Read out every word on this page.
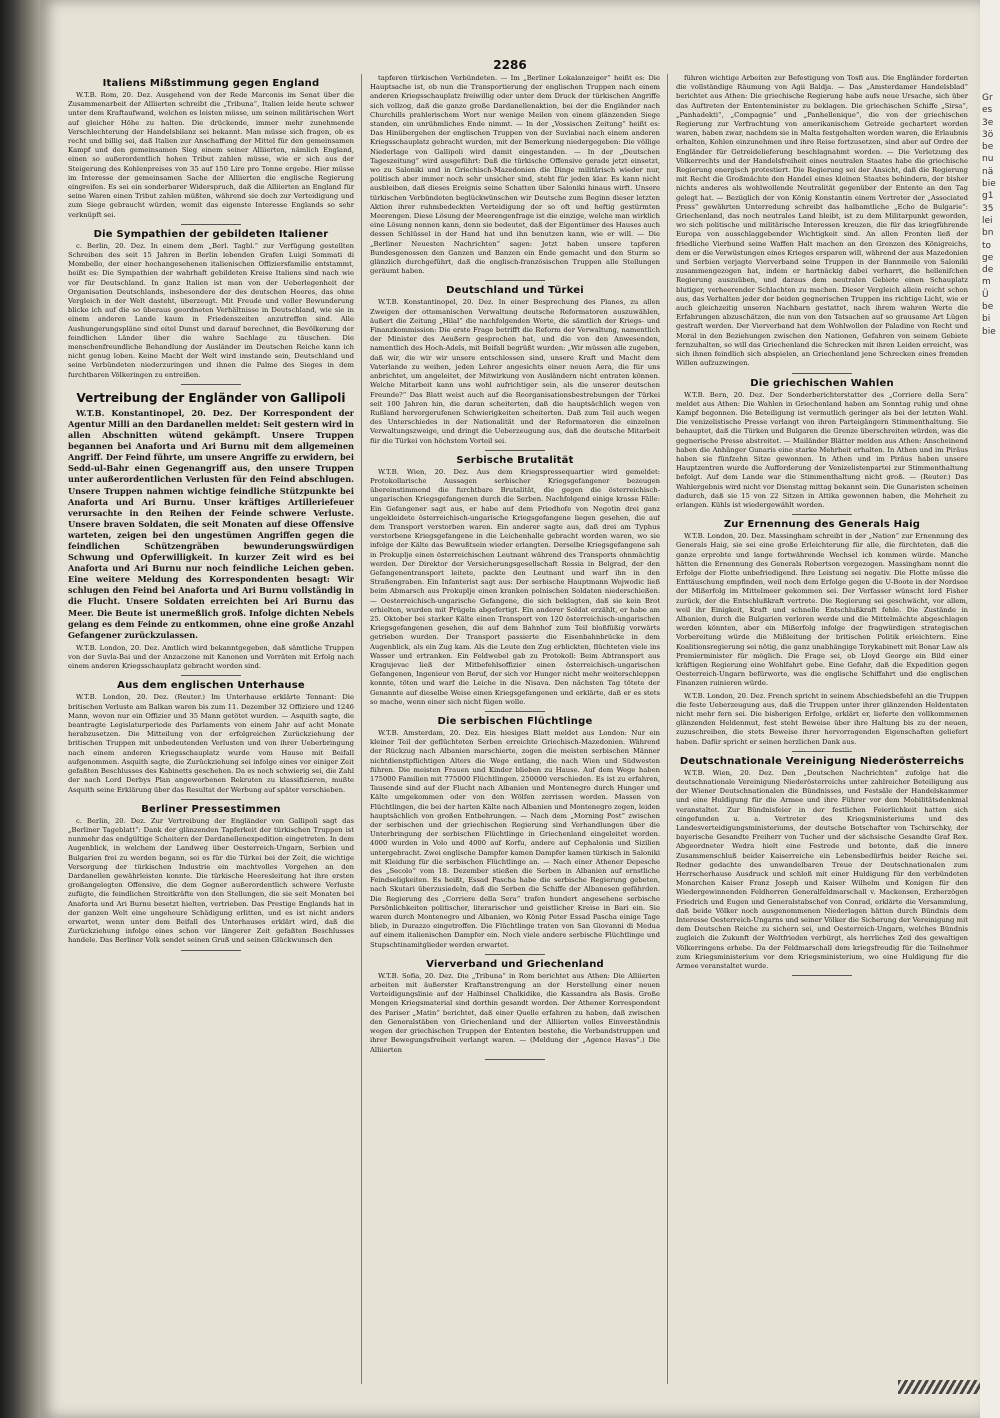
2286
Italiens Mißstimmung gegen England

W.T.B. Rom, 20. Dez. Ausgehend von der Rede Marconis im Senat über die Zusammenarbeit der Alliierten schreibt die „Tribuna“, Italien leide heute schwer unter dem Kraftaufwand, welchen es leisten müsse, um seinen militärischen Wert auf gleicher Höhe zu halten. Die drückende, immer mehr zunehmende Verschlechterung der Handelsbilanz sei bekannt. Man müsse sich fragen, ob es recht und billig sei, daß Italien zur Anschaffung der Mittel für den gemeinsamen Kampf und den gemeinsamen Sieg einem seiner Alliierten, nämlich England, einen so außerordentlich hohen Tribut zahlen müsse, wie er sich aus der Steigerung des Kohlenpreises von 35 auf 150 Lire pro Tonne ergebe. Hier müsse im Interesse der gemeinsamen Sache der Alliierten die englische Regierung eingreifen. Es sei ein sonderbarer Widerspruch, daß die Alliierten an England für seine Waren einen Tribut zahlen müßten, während sie doch zur Verteidigung und zum Siege gebraucht würden, womit das eigenste Interesse Englands so sehr verknüpft sei.

Die Sympathien der gebildeten Italiener

c. Berlin, 20. Dez. In einem dem „Berl. Tagbl.“ zur Verfügung gestellten Schreiben des seit 15 Jahren in Berlin lebenden Grafen Luigi Sommati di Mombello, der einer hochangesehenen italienischen Offiziersfamilie entstammt, heißt es: Die Sympathien der wahrhaft gebildeten Kreise Italiens sind nach wie vor für Deutschland. In ganz Italien ist man von der Ueberlegenheit der Organisation Deutschlands, insbesondere der des deutschen Heeres, das ohne Vergleich in der Welt dasteht, überzeugt. Mit Freude und voller Bewunderung blicke ich auf die so überaus geordneten Verhältnisse in Deutschland, wie sie in einem anderen Lande kaum in Friedenszeiten anzutreffen sind. Alle Aushungerungspläne sind eitel Dunst und darauf berechnet, die Bevölkerung der feindlichen Länder über die wahre Sachlage zu täuschen. Die menschenfreundliche Behandlung der Ausländer im Deutschen Reiche kann ich nicht genug loben. Keine Macht der Welt wird imstande sein, Deutschland und seine Verbündeten niederzuringen und ihnen die Palme des Sieges in dem furchtbaren Völkeringen zu entreißen.

Vertreibung der Engländer von Gallipoli

W.T.B. Konstantinopel, 20. Dez. Der Korrespondent der Agentur Milli an den Dardanellen meldet: Seit gestern wird in allen Abschnitten wütend gekämpft. Unsere Truppen begannen bei Anaforta und Ari Burnu mit dem allgemeinen Angriff. Der Feind führte, um unsere Angriffe zu erwidern, bei Sedd-ul-Bahr einen Gegenangriff aus, den unsere Truppen unter außerordentlichen Verlusten für den Feind abschlugen. Unsere Truppen nahmen wichtige feindliche Stützpunkte bei Anaforta und Ari Burnu. Unser kräftiges Artilleriefeuer verursachte in den Reihen der Feinde schwere Verluste. Unsere braven Soldaten, die seit Monaten auf diese Offensive warteten, zeigen bei den ungestümen Angriffen gegen die feindlichen Schützengräben bewunderungswürdigen Schwung und Opferwilligkeit. In kurzer Zeit wird es bei Anaforta und Ari Burnu nur noch feindliche Leichen geben. Eine weitere Meldung des Korrespondenten besagt: Wir schlugen den Feind bei Anaforta und Ari Burnu vollständig in die Flucht. Unsere Soldaten erreichten bei Ari Burnu das Meer. Die Beute ist unermeßlich groß. Infolge dichten Nebels gelang es dem Feinde zu entkommen, ohne eine große Anzahl Gefangener zurückzulassen.

W.T.B. London, 20. Dez. Amtlich wird bekanntgegeben, daß sämtliche Truppen von der Suvla-Bai und der Anzaczone mit Kanonen und Vorräten mit Erfolg nach einem anderen Kriegsschauplatz gebracht worden sind.

Aus dem englischen Unterhause

W.T.B. London, 20. Dez. (Reuter.) Im Unterhause erklärte Tennant: Die britischen Verluste am Balkan waren bis zum 11. Dezember 32 Offiziere und 1246 Mann, wovon nur ein Offizier und 35 Mann getötet wurden. — Asquith sagte, die beantragte Legislaturperiode des Parlaments von einem Jahr auf acht Monate herabzusetzen. Die Mitteilung von der erfolgreichen Zurückziehung der britischen Truppen mit unbedeutenden Verlusten und von ihrer Ueberbringung nach einem anderen Kriegsschauplatz wurde vom Hause mit Beifall aufgenommen. Asquith sagte, die Zurückziehung sei infolge eines vor einiger Zeit gefaßten Beschlusses des Kabinetts geschehen. Da es noch schwierig sei, die Zahl der nach Lord Derbys Plan angeworbenen Rekruten zu klassifizieren, mußte Asquith seine Erklärung über das Resultat der Werbung auf später verschieben.

Berliner Pressestimmen

c. Berlin, 20. Dez. Zur Vertreibung der Engländer von Gallipoli sagt das „Berliner Tageblatt“: Dank der glänzenden Tapferkeit der türkischen Truppen ist nunmehr das endgültige Scheitern der Dardanellenexpedition eingetreten. In dem Augenblick, in welchem der Landweg über Oesterreich-Ungarn, Serbien und Bulgarien frei zu werden begann, sei es für die Türkei bei der Zeit, die wichtige Versorgung der türkischen Industrie ein machtvolles Vorgehen an den Dardanellen gewährleisten konnte. Die türkische Heeresleitung hat ihre ersten großangelegten Offensive, die dem Gegner außerordentlich schwere Verluste zufügte, die feindlichen Streitkräfte von den Stellungen, die sie seit Monaten bei Anaforta und Ari Burnu besetzt hielten, vertrieben. Das Prestige Englands hat in der ganzen Welt eine ungeheure Schädigung erlitten, und es ist nicht anders erwartet, wenn unter dem Beifall des Unterhauses erklärt wird, daß die Zurückziehung infolge eines schon vor längerer Zeit gefaßten Beschlusses handele. Das Berliner Volk sendet seinen Gruß und seinen Glückwunsch den

tapferen türkischen Verbündeten. — Im „Berliner Lokalanzeiger“ heißt es: Die Hauptsache ist, ob nun die Transportierung der englischen Truppen nach einem anderen Kriegsschauplatz freiwillig oder unter dem Druck der türkischen Angriffe sich vollzog, daß die ganze große Dardanellenaktion, bei der die Engländer nach Churchills prahlerischem Wort nur wenige Meilen von einem glänzenden Siege standen, ein unrühmliches Ende nimmt. — In der „Vossischen Zeitung“ heißt es: Das Hinübergehen der englischen Truppen von der Suvlabai nach einem anderen Kriegsschauplatz gebracht wurden, mit der Bemerkung niedergegeben: Die völlige Niederlage von Gallipoli wird damit eingestanden. — In der „Deutschen Tageszeitung“ wird ausgeführt: Daß die türkische Offensive gerade jetzt einsetzt, wo zu Saloniki und in Griechisch-Mazedonien die Dinge militärisch wieder nur, politisch aber immer noch sehr unsicher sind, steht für jeden klar. Es kann nicht ausbleiben, daß dieses Ereignis seine Schatten über Saloniki hinaus wirft. Unsere türkischen Verbündeten beglückwünschen wir Deutsche zum Beginn dieser letzten Aktion ihrer ruhmbedeckten Verteidigung der so oft und heftig gestürmten Meerengen. Diese Lösung der Meerengenfrage ist die einzige, welche man wirklich eine Lösung nennen kann, denn sie bedeutet, daß der Eigentümer des Hauses auch dessen Schlüssel in der Hand hat und ihn benutzen kann, wie er will. — Die „Berliner Neuesten Nachrichten“ sagen: Jetzt haben unsere tapferen Bundesgenossen den Ganzen und Banzen ein Ende gemacht und den Sturm so glänzlich durchgeführt, daß die englisch-französischen Truppen alle Stellungen geräumt haben.

Deutschland und Türkei

W.T.B. Konstantinopel, 20. Dez. In einer Besprechung des Planes, zu allen Zweigen der ottomanischen Verwaltung deutsche Reformatoren auszuwählen, äußert die Zeitung „Hilal“ die nachfolgenden Worte, die sämtlich der Kriegs- und Finanzkommission: Die erste Frage betrifft die Reform der Verwaltung, namentlich der Minister des Aeußern gesprochen hat, und die von den Anwesenden, namentlich des Hoch-Adels, mit Beifall begrüßt wurden: „Wir müssen alle zugeben, daß wir, die wir wir unsere entschlossen sind, unsere Kraft und Macht dem Vaterlande zu weihen, jeden Lehrer angesichts einer neuen Aera, die für uns anbrichtet, um angeleitet, der Mitwirkung von Ausländern nicht entraten können. Welche Mitarbeit kann uns wohl aufrichtiger sein, als die unserer deutschen Freunde?“ Das Blatt weist auch auf die Reorganisationsbestrebungen der Türkei seit 100 Jahren hin, die daran scheiterten, daß die hauptsächlich wegen von Rußland hervorgerufenen Schwierigkeiten scheiterten. Daß zum Teil auch wegen des Unterschiedes in der Nationalität und der Reformatoren die einzelnen Verwaltungszweige, und dringt die Ueberzeugung aus, daß die deutsche Mitarbeit für die Türkei von höchstem Vorteil sei.

Serbische Brutalität

W.T.B. Wien, 20. Dez. Aus dem Kriegspressequartier wird gemeldet: Protokollarische Aussagen serbischer Kriegsgefangener bezeugen übereinstimmend die furchtbare Brutalität, die gegen die österreichisch-ungarischen Kriegsgefangenen durch die Serben. Nachfolgend einige krasse Fälle: Ein Gefangener sagt aus, er habe auf dem Friedhofe von Negotin drei ganz ungekleidete österreichisch-ungarische Kriegsgefangene liegen gesehen, die auf dem Transport verstorben waren. Ein anderer sagte aus, daß drei am Typhus verstorbene Kriegsgefangene in die Leichenhalle gebracht worden waren, wo sie infolge der Kälte das Bewußtsein wieder erlangten. Derselbe Kriegsgefangene sah in Prokuplje einen österreichischen Leutnant während des Transports ohnmächtig werden. Der Direktor der Versicherungsgesellschaft Rossia in Belgrad, der den Gefangenentransport leitete, packte den Leutnant und warf ihn in den Straßengraben. Ein Infanterist sagt aus: Der serbische Hauptmann Wojwodic ließ beim Abmarsch aus Prokuplje einen kranken polnischen Soldaten niederschießen. — Oesterreichisch-ungarische Gefangene, die sich beklagten, daß sie kein Brot erhielten, wurden mit Prügeln abgefertigt. Ein anderer Soldat erzählt, er habe am 25. Oktober bei starker Kälte einen Transport von 120 österreichisch-ungarischen Kriegsgefangenen gesehen, die auf dem Bahnhof zum Teil bloßfüßig vorwärts getrieben wurden. Der Transport passierte die Eisenbahnbrücke in dem Augenblick, als ein Zug kam. Als die Leute den Zug erblickten, flüchteten viele ins Wasser und ertranken. Ein Feldwebel gab zu Protokoll: Beim Abtransport aus Kragujevac ließ der Mitbefehlsoffizier einen österreichisch-ungarischen Gefangenen, Ingenieur von Beruf, der sich vor Hunger nicht mehr weiterschleppen konnte, töten und warf die Leiche in die Nisava. Den nächsten Tag tötete der Genannte auf dieselbe Weise einen Kriegsgefangenen und erklärte, daß er es stets so mache, wenn einer sich nicht fügen wolle.

Die serbischen Flüchtlinge

W.T.B. Amsterdam, 20. Dez. Ein hiesiges Blatt meldet aus London: Nur ein kleiner Teil der geflüchteten Serben erreichte Griechisch-Mazedonien. Während der Rückzug nach Albanien marschierte, zogen die meisten serbischen Männer nichtdienstpflichtigen Alters die Wege entlang, die nach Wien und Südwesten führen. Die meisten Frauen und Kinder blieben zu Hause. Auf dem Wege haben 175000 Familien mit 775000 Flüchtlingen. 250000 verschieden. Es ist zu erfahren, Tausende sind auf der Flucht nach Albanien und Montenegro durch Hunger und Kälte umgekommen oder von den Wölfen zerrissen worden. Massen von Flüchtlingen, die bei der harten Kälte nach Albanien und Montenegro zogen, leiden hauptsächlich von großen Entbehrungen. — Nach dem „Morning Post“ zwischen der serbischen und der griechischen Regierung sind Verhandlungen über die Unterbringung der serbischen Flüchtlinge in Griechenland eingeleitet worden. 4000 wurden in Volo und 4000 auf Korfu, andere auf Cephalonia und Sizilien untergebracht. Zwei englische Dampfer kamen Dampfer kamen türkisch in Saloniki mit Kleidung für die serbischen Flüchtlinge an. — Nach einer Athener Depesche des „Secolo“ vom 18. Dezember stießen die Serben in Albanien auf ernstliche Feindseligkeiten. Es heißt, Essad Pascha habe die serbische Regierung gebeten, nach Skutari überzusiedeln, daß die Serben die Schiffe der Albanesen gefährden. Die Regierung des „Corriere della Sera“ trafen hundert angesehene serbische Persönlichkeiten politischer, literarischer und geistlicher Kreise in Bari ein. Sie waren durch Montenegro und Albanien, wo König Peter Essad Pascha einige Tage blieb, in Durazzo eingetroffen. Die Flüchtlinge traten von San Giovanni di Medua auf einem italienischen Dampfer ein. Noch viele andere serbische Flüchtlinge und Stupschtinamitglieder werden erwartet.

Vierverband und Griechenland

W.T.B. Sofia, 20. Dez. Die „Tribuna“ in Rom berichtet aus Athen: Die Alliierten arbeiten mit äußerster Kraftanstrengung an der Herstellung einer neuen Verteidigungslinie auf der Halbinsel Chalkidike, die Kassandra als Basis. Große Mengen Kriegsmaterial sind dorthin gesandt worden. Der Athener Korrespondent des Pariser „Matin“ berichtet, daß einer Quelle erfahren zu haben, daß zwischen den Generalstäben von Griechenland und der Alliierten volles Einverständnis wegen der griechischen Truppen der Ententen bestehe, die Verbandstruppen und ihrer Bewegungsfreiheit verlangt waren. — (Meldung der „Agence Havas“.) Die Alliierten

führen wichtige Arbeiten zur Befestigung von Tosfi aus. Die Engländer forderten die vollständige Räumung von Agii Baldja. — Das „Amsterdamer Handelsblad“ berichtet aus Athen: Die griechische Regierung habe aufs neue Ursache, sich über das Auftreten der Ententeminister zu beklagen. Die griechischen Schiffe „Sirsa“, „Panhadekti“, „Compagnie“ und „Panhellenique“, die von der griechischen Regierung zur Verfrachtung von amerikanischem Getreide gechartert worden waren, haben zwar, nachdem sie in Malta festgehalten worden waren, die Erlaubnis erhalten, Kohlen einzunehmen und ihre Reise fortzusetzen, sind aber auf Ordre der Engländer für Getreidelieferung beschlagnahmt worden. — Die Verletzung des Völkerrechts und der Handelsfreiheit eines neutralen Staates habe die griechische Regierung energisch protestiert. Die Regierung sei der Ansicht, daß die Regierung mit Recht die Großmächte den Handel eines kleinen Staates behindern, der bisher nichts anderes als wohlwollende Neutralität gegenüber der Entente an den Tag gelegt hat. — Bezüglich der von König Konstantin einem Vertreter der „Associated Press“ gewährten Unterredung schreibt das halbamtliche „Echo de Bulgarie“: Griechenland, das noch neutrales Land bleibt, ist zu dem Militarpunkt geworden, wo sich politische und militärische Interessen kreuzen, die für das kriegführende Europa von ausschlaggebender Wichtigkeit sind. An allen Fronten ließ der friedliche Vierbund seine Waffen Halt machen an den Grenzen des Königreichs, dem er die Verwüstungen eines Krieges ersparen will, während der aus Mazedonien und Serbien verjagte Vierverband seine Truppen in der Bannmeile von Saloniki zusammengezogen hat, indem er hartnäckig dabei verharrt, die helleniſchen Regierung auszuüben, und daraus dem neutralen Gebiete einen Schauplatz blutiger, verheerender Schlachten zu machen. Dieser Vergleich allein reicht schon aus, das Verhalten jeder der beiden gegnerischen Truppen ins richtige Licht, wie er auch gleichzeitig unseren Nachbarn gestattet, nach ihrem wahren Werte die Erfahrungen abzuschätzen, die nun von den Tatsachen auf so grausame Art Lügen gestraft werden. Der Vierverband hat dem Wohlwollen der Paladine von Recht und Moral in den Beziehungen zwischen den Nationen, Gefahren von seinem Gebiete fernzuhalten, so will das Griechenland die Schrecken mit ihren Leiden erreicht, was sich ihnen feindlich sich abspielen, an Griechenland jene Schrecken eines fremden Willen aufzuzwingen.

Die griechischen Wahlen

W.T.B. Bern, 20. Dez. Der Sonderberichterstatter des „Corriere della Sera“ meldet aus Athen: Die Wahlen in Griechenland haben am Sonntag ruhig und ohne Kampf begonnen. Die Beteiligung ist vermutlich geringer als bei der letzten Wahl. Die venizelistische Presse verlangt von ihren Parteigängern Stimmenthaltung. Sie behauptet, daß die Türken und Bulgaren die Grenze überschreiten würden, was die gegnerische Presse abstreitet. — Mailänder Blätter melden aus Athen: Anscheinend haben die Anhänger Gunaris eine starke Mehrheit erhalten. In Athen und im Piräus haben sie fünfzehn Sitze gewonnen. In Athen und im Piräus haben unsere Hauptzentren wurde die Aufforderung der Venizelistenpartei zur Stimmenthaltung befolgt. Auf dem Lande war die Stimmenthaltung nicht groß. — (Reuter.) Das Wahlergebnis wird nicht vor Dienstag mittag bekannt sein. Die Gunaristen scheinen dadurch, daß sie 15 von 22 Sitzen in Attika gewonnen haben, die Mehrheit zu erlangen. Kühls ist wiedergewählt worden.

Zur Ernennung des Generals Haig

W.T.B. London, 20. Dez. Massingham schreibt in der „Nation“ zur Ernennung des Generals Haig, sie sei eine große Erleichterung für alle, die fürchteten, daß die ganze erprobte und lange fortwährende Wechsel ich kommen würde. Manche hätten die Ernennung des Generals Robertson vorgezogen. Massingham nennt die Erfolge der Flotte unbefriedigend. Ihre Leistung sei negativ. Die Flotte müsse die Enttäuschung empfinden, weil noch dem Erfolge gegen die U-Boote in der Nordsee der Mißerfolg im Mittelmeer gekommen sei. Der Verfasser wünscht lord Fisher zurück, der die Entschlußkraft vertrete. Die Regierung sei geschwächt, vor allem, weil ihr Einigkeit, Kraft und schnelle Entschlußkraft fehle. Die Zustände in Albanien, durch die Bulgarien verloren werde und die Mittelmächte abgeschlagen werden könnten, aber ein Mißerfolg infolge der fragwürdigen strategischen Vorbereitung würde die Mißleitung der britischen Politik erleichtern. Eine Koalitionsregierung sei nötig, die ganz unabhängige Torykabinett mit Bonar Law als Premierminister für möglich. Die Frage sei, ob Lloyd George ein Bild einer kräftigen Regierung eine Wohlfahrt gebe. Eine Gefahr, daß die Expedition gegen Oesterreich-Ungarn befürworte, was die englische Schiffahrt und die englischen Finanzen ruinieren würde.

W.T.B. London, 20. Dez. French spricht in seinem Abschiedsbefehl an die Truppen die feste Ueberzeugung aus, daß die Truppen unter ihrer glänzenden Heldentaten nicht mehr fern sei. Die bisherigen Erfolge, erklärt er, lieferte den vollkommenen glänzenden Heldenmut, fest steht Beweise über ihre Haltung bis zu der neuen, zuzuschreiben, die stets Beweise ihrer hervorragenden Eigenschaften geliefert haben. Dafür spricht er seinen herzlichen Dank aus.

Deutschnationale Vereinigung Niederösterreichs

W.T.B. Wien, 20. Dez. Den „Deutschen Nachrichten“ zufolge hat die deutschnationale Vereinigung Niederösterreichs unter zahlreicher Beteiligung aus der Wiener Deutschnationalen die Bündnisses, und Festsäle der Handelskammer und eine Huldigung für die Armee und ihre Führer vor dem Mobilitätsdenkmal veranstaltet. Zur Bündnisfeier in der festlichen Feierlichkeit hatten sich eingefunden u. a. Vertreter des Kriegsministeriums und des Landesverteidigungsministeriums, der deutsche Botschafter von Tschirschky, der bayerische Gesandte Freiherr von Tucher und der sächsische Gesandte Graf Rex. Abgeordneter Wedra hielt eine Festrede und betonte, daß die innere Zusammenschluß beider Kaiserreiche ein Lebensbedürfnis beider Reiche sei. Redner gedachte des unwandelbaren Treue der Deutschnationalen zum Herrscherhause Ausdruck und schloß mit einer Huldigung für den verbündeten Monarchen Kaiser Franz Joseph und Kaiser Wilhelm und Konigen für den Wiedergewinnenden Feldherren Generalfeldmarschall v. Mackensen, Erzherzögen Friedrich und Eugen und Generalstabschef von Conrad, erklärte die Versammlung, daß beide Völker noch ausgenommenen Niederlagen hätten durch Bündnis dem Interesse Oesterreich-Ungarns und seiner Völker die Sicherung der Vereinigung mit dem Deutschen Reiche zu sichern sei, und Oesterreich-Ungarn, welches Bündnis zugleich die Zukunft der Weltfrieden verbürgt, als herrliches Zeil des gewaltigen Völkerringens erhebe. Da der Feldmarschall dem kriegsfreudig für die Teilnehmer zum Kriegsministerium vor dem Kriegsministerium, wo eine Huldigung für die Armee veranstaltet wurde.

Gr
es
3e
3ö
be
nu
nä
bie
g1
35
lei
bn
to
ge
de
m
Ü
be
bi
bie
